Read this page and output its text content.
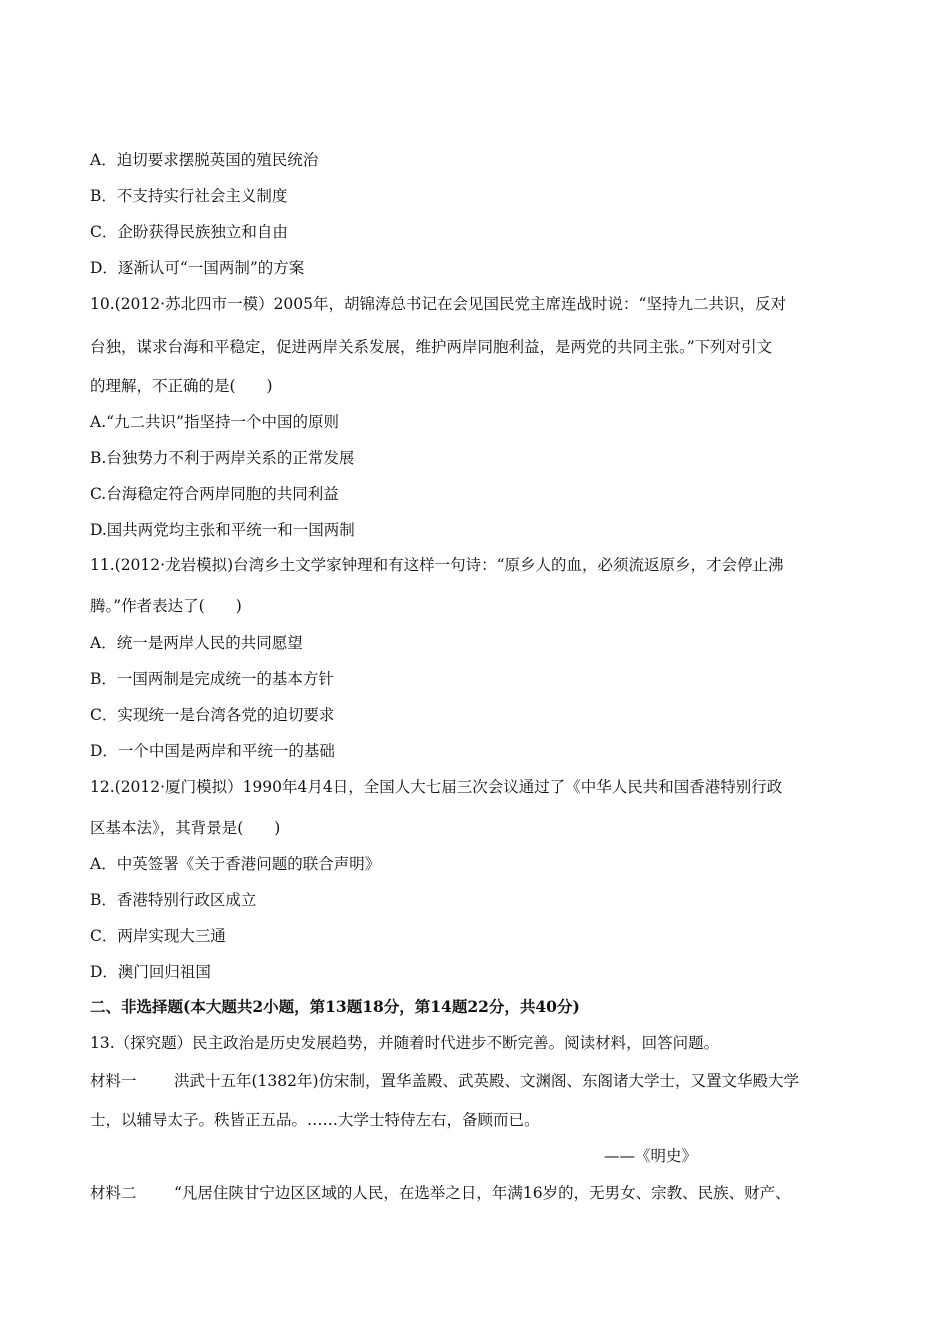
A．迫切要求摆脱英国的殖民统治
B．不支持实行社会主义制度
C．企盼获得民族独立和自由
D．逐渐认可“一国两制”的方案
10.(2012·苏北四市一模）2005年，胡锦涛总书记在会见国民党主席连战时说：“坚持九二共识，反对
台独，谋求台海和平稳定，促进两岸关系发展，维护两岸同胞利益，是两党的共同主张。”下列对引文
的理解，不正确的是(　　)
A.“九二共识”指坚持一个中国的原则
B.台独势力不利于两岸关系的正常发展
C.台海稳定符合两岸同胞的共同利益
D.国共两党均主张和平统一和一国两制
11.(2012·龙岩模拟)台湾乡土文学家钟理和有这样一句诗：“原乡人的血，必须流返原乡，才会停止沸
腾。”作者表达了(　　)
A．统一是两岸人民的共同愿望
B．一国两制是完成统一的基本方针
C．实现统一是台湾各党的迫切要求
D．一个中国是两岸和平统一的基础
12.(2012·厦门模拟）1990年4月4日，全国人大七届三次会议通过了《中华人民共和国香港特别行政
区基本法》，其背景是(　　)
A．中英签署《关于香港问题的联合声明》
B．香港特别行政区成立
C．两岸实现大三通
D．澳门回归祖国
二、非选择题(本大题共2小题，第13题18分，第14题22分，共40分)
13.（探究题）民主政治是历史发展趋势，并随着时代进步不断完善。阅读材料，回答问题。
材料一 洪武十五年(1382年)仿宋制，置华盖殿、武英殿、文渊阁、东阁诸大学士，又置文华殿大学
士，以辅导太子。秩皆正五品。……大学士特侍左右，备顾而已。
——《明史》
材料二 “凡居住陕甘宁边区区域的人民，在选举之日，年满16岁的，无男女、宗教、民族、财产、
